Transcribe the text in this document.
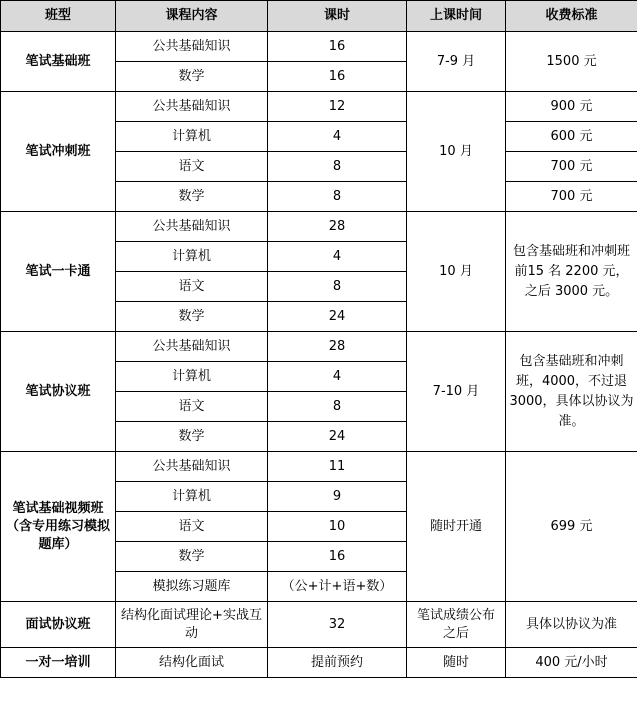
班型	课程内容	课时	上课时间	收费标准
笔试基础班	公共基础知识	16	7-9 月	1500 元
	数学	16		
笔试冲刺班	公共基础知识	12	10 月	900 元
	计算机	4		600 元
	语文	8		700 元
	数学	8		700 元
笔试一卡通	公共基础知识	28	10 月	包含基础班和冲刺班 前15 名 2200 元，之后 3000 元。
	计算机	4		
	语文	8		
	数学	24		
笔试协议班	公共基础知识	28	7-10 月	包含基础班和冲刺班，4000，不过退3000，具体以协议为准。
	计算机	4		
	语文	8		
	数学	24		
笔试基础视频班（含专用练习模拟题库）	公共基础知识	11	随时开通	699 元
	计算机	9		
	语文	10		
	数学	16		
	模拟练习题库	（公+计+语+数）		
面试协议班	结构化面试理论+实战互动	32	笔试成绩公布之后	具体以协议为准
一对一培训	结构化面试	提前预约	随时	400 元/小时
